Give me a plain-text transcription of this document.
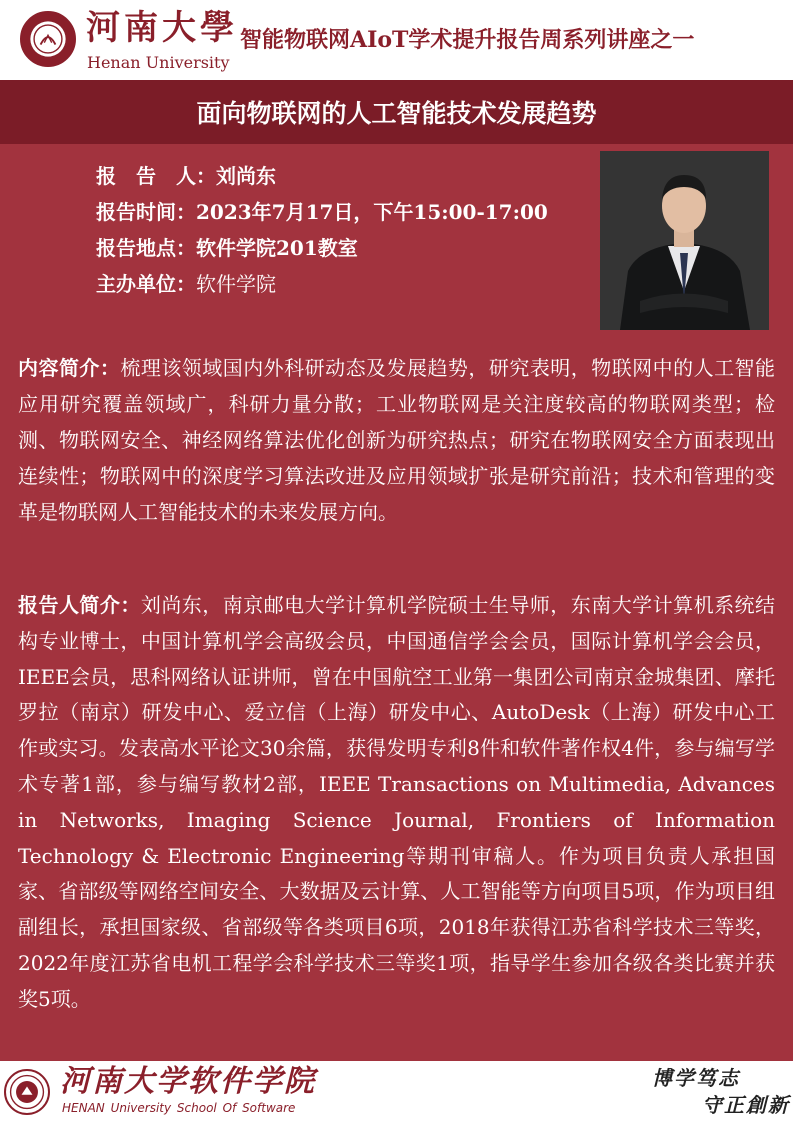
河南大學
Henan University
智能物联网AIoT学术提升报告周系列讲座之一
面向物联网的人工智能技术发展趋势
报　告　人：刘尚东
报告时间：2023年7月17日，下午15:00-17:00
报告地点：软件学院201教室
主办单位：软件学院

内容简介：梳理该领域国内外科研动态及发展趋势，研究表明，物联网中的人工智能应用研究覆盖领域广，科研力量分散；工业物联网是关注度较高的物联网类型；检测、物联网安全、神经网络算法优化创新为研究热点；研究在物联网安全方面表现出连续性；物联网中的深度学习算法改进及应用领域扩张是研究前沿；技术和管理的变革是物联网人工智能技术的未来发展方向。

报告人简介：刘尚东，南京邮电大学计算机学院硕士生导师，东南大学计算机系统结构专业博士，中国计算机学会高级会员，中国通信学会会员，国际计算机学会会员，IEEE会员，思科网络认证讲师，曾在中国航空工业第一集团公司南京金城集团、摩托罗拉（南京）研发中心、爱立信（上海）研发中心、AutoDesk（上海）研发中心工作或实习。发表高水平论文30余篇，获得发明专利8件和软件著作权4件，参与编写学术专著1部，参与编写教材2部，IEEE Transactions on Multimedia, Advances in Networks, Imaging Science Journal, Frontiers of Information Technology & Electronic Engineering等期刊审稿人。作为项目负责人承担国家、省部级等网络空间安全、大数据及云计算、人工智能等方向项目5项，作为项目组副组长，承担国家级、省部级等各类项目6项，2018年获得江苏省科学技术三等奖，2022年度江苏省电机工程学会科学技术三等奖1项，指导学生参加各级各类比赛并获奖5项。

河南大学软件学院
HENAN University School Of Software
博学笃志
守正創新
